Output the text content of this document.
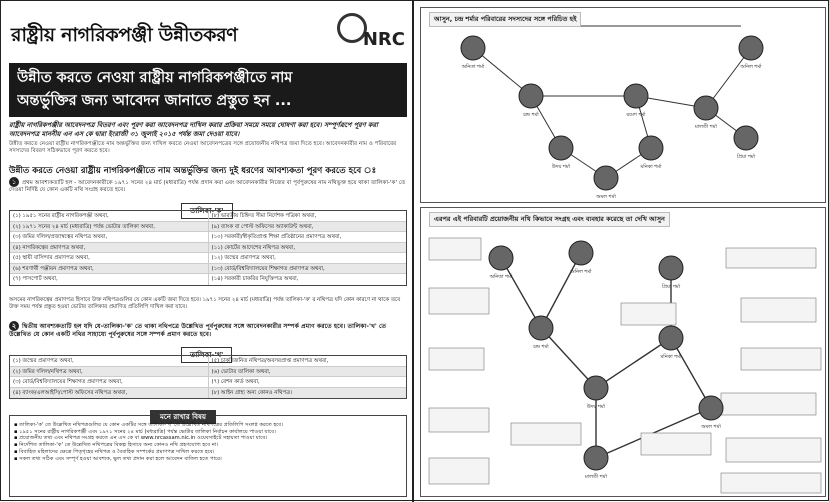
রাষ্ট্রীয় নাগরিকপঞ্জী উন্নীতকরণ	NRC
উন্নীত করতে নেওয়া রাষ্ট্রীয় নাগরিকপঞ্জীতে নাম
অন্তর্ভুক্তির জন্য আবেদন জানাতে প্রস্তুত হন ...
রাষ্ট্রীয় নাগরিকপঞ্জীর আবেদনপত্র বিতরণ এবং পূরণ করা আবেদনপত্র দাখিল করার প্রক্রিয়া সময়ে সময়ে ঘোষণা করা হবে। সম্পূর্ণরূপে পূরণ করা আবেদনপত্র মাননীয় এন এস কে দ্বারা ইংরাজী ৩১ জুলাই ২০১৫ পর্যন্ত জমা দেওয়া যাবে।
উন্নীত করতে নেওয়া রাষ্ট্রীয় নাগরিকপঞ্জীতে নাম অন্তর্ভুক্তির জন্য দাখিল করতে নেওয়া আবেদনপত্রের সঙ্গে প্রয়োজনীয় নথিপত্র জমা দিতে হবে। আবেদনকারীর নাম ও পরিবারের সদস্যদের বিবরণ সঠিকভাবে পূরণ করতে হবে।
উন্নীত করতে নেওয়া রাষ্ট্রীয় নাগরিকপঞ্জীতে নাম অন্তর্ভুক্তির জন্য দুই ধরণের আবশ্যকতা পূরণ করতে হবে ঃ
১ প্রথম আবশ্যকতাটি হল - আবেদনকারীকে ১৯৭১ সনের ২৪ মার্চ (মধ্যরাত্রি) পর্যন্ত প্রদান করা এবং আবেদনকারীর নিজের বা পূর্বপুরুষের নাম নথিভুক্ত হয়ে থাকা তালিকা-'ক' তে দেওয়া নির্দিষ্ট যে কোন একটি নথি সংগ্রহ করতে হবে।
তালিকা-'ক'
(১) ১৯৫১ সনের রাষ্ট্রীয় নাগরিকপঞ্জী অথবা,	(৮) ভারতীয় চিহ্নিত সীমা নির্দেশক পত্রিকা অথবা,
(২) ১৯৭১ সনের ২৪ মার্চ (মধ্যরাত্রি) পর্যন্ত ভোটার তালিকা অথবা,	(৯) ব্যাংক বা পোস্ট অফিসের অ্যাকাউন্ট অথবা,
(৩) জমির দলিল/প্রজাস্বত্বের নথিপত্র অথবা,	(১০) সরকারী/স্বীকৃতিপ্রাপ্ত শিক্ষা প্রতিষ্ঠানের প্রমাণপত্র অথবা,
(৪) নাগরিকত্বের প্রমাণপত্র অথবা,	(১১) কোর্টের আদেশের নথিপত্র অথবা,
(৫) স্থায়ী বাসিন্দার প্রমাণপত্র অথবা,	(১২) জন্মের প্রমাণপত্র অথবা,
(৬) শরণার্থী পঞ্জীয়ন প্রমাণপত্র অথবা,	(১৩) বোর্ড/বিশ্ববিদ্যালয়ের শিক্ষাগত প্রমাণপত্র অথবা,
(৭) পাসপোর্ট অথবা,	(১৪) সরকারী চাকরির নিযুক্তিপত্র অথবা,
অসমের নাগরিকত্বের প্রমাণপত্র হিসাবে উক্ত নথিপত্রগুলির যে কোন একটি জমা দিতে হবে। ১৯৭১ সনের ২৪ মার্চ (মধ্যরাত্রি) পর্যন্ত তালিকা-'ক' র নথিপত্র যদি কোন কারণে না থাকে তবে উক্ত সময় পর্যন্ত প্রস্তুত হওয়া ভোটার তালিকার প্রমাণিত প্রতিলিপি দাখিল করা যাবে।
২ দ্বিতীয় আবশ্যকতাটি হল যদি যে-তালিকা-'ক' তে থাকা নথিপত্রে উল্লেখিত পূর্বপুরুষের সঙ্গে আবেদনকারীর সম্পর্ক প্রমাণ করতে হবে। তালিকা-'খ' তে উল্লেখিত যে কোন একটি নথির সাহায্যে পূর্বপুরুষের সঙ্গে সম্পর্ক প্রমাণ করতে হবে।
তালিকা-'খ'
(১) জন্মের প্রমাণপত্র অথবা,	(৫) চাকরিজনিত নথিপত্র/অবসরপ্রাপ্ত প্রমাণপত্র অথবা,
(২) জমির দলিল/নথিপত্র অথবা,	(৬) ভোটার তালিকা অথবা,
(৩) বোর্ড/বিশ্ববিদ্যালয়ের শিক্ষাগত প্রমাণপত্র অথবা,	(৭) রেশন কার্ড অথবা,
(৪) ব্যাংক/এলআইসি/পোস্ট অফিসের নথিপত্র অথবা,	(৮) আইন গ্রাহ্য অন্য কোনও নথিপত্র।
মনে রাখার বিষয়
▪ তালিকা-'ক' তে উল্লেখিত নথিপত্রগুলির যে কোন একটির সঙ্গে তালিকা-'খ' তে উল্লেখিত নথিপত্রের প্রতিলিপি সংলগ্ন করতে হবে।
▪ ১৯৫১ সনের রাষ্ট্রীয় নাগরিকপঞ্জী এবং ১৯৭১ সনের ২৪ মার্চ (মধ্যরাত্রি) পর্যন্ত ভোটার তালিকা নির্বাচন কার্যালয়ে পাওয়া যাবে।
▪ প্রয়োজনীয় তথ্য এবং নথিপত্র সংগ্রহ করতে এন এস কে বা www.nrcassam.nic.in ওয়েবসাইটে সহায়তা পাওয়া যাবে।
▪ নির্দেশিত তালিকা-'ক' তে উল্লেখিত নথিপত্রের বিকল্প হিসাবে অন্য কোনও নথি গ্রহণযোগ্য হবে না।
▪ বিবাহিত মহিলাদের ক্ষেত্রে পিতৃগৃহের নথিপত্র ও বৈবাহিক সম্পর্কের প্রমাণপত্র দাখিল করতে হবে।
▪ সকল তথ্য সঠিক এবং সম্পূর্ণ হওয়া আবশ্যক, ভুল তথ্য প্রদান করা হলে আবেদন বাতিল হতে পারে।
অনিতা শর্মা	অনিল শর্মা
চন্দ্র শর্মা	রমেশ শর্মা
মালতী শর্মা
উদয় শর্মা	মনিকা শর্মা
প্রিয়া শর্মা
অমল শর্মা
আসুন, চন্দ্র শর্মার পরিবারের সদস্যদের সঙ্গে পরিচিত হই
অনিতা শর্মা
অনিল শর্মা
প্রিয়া শর্মা
চন্দ্র শর্মা
মনিকা শর্মা
উদয় শর্মা
অমল শর্মা
মালতী শর্মা
এরপর এই পরিবারটি প্রয়োজনীয় নথি কিভাবে সংগ্রহ এবং ব্যবহার করেছে তা দেখি আসুন
